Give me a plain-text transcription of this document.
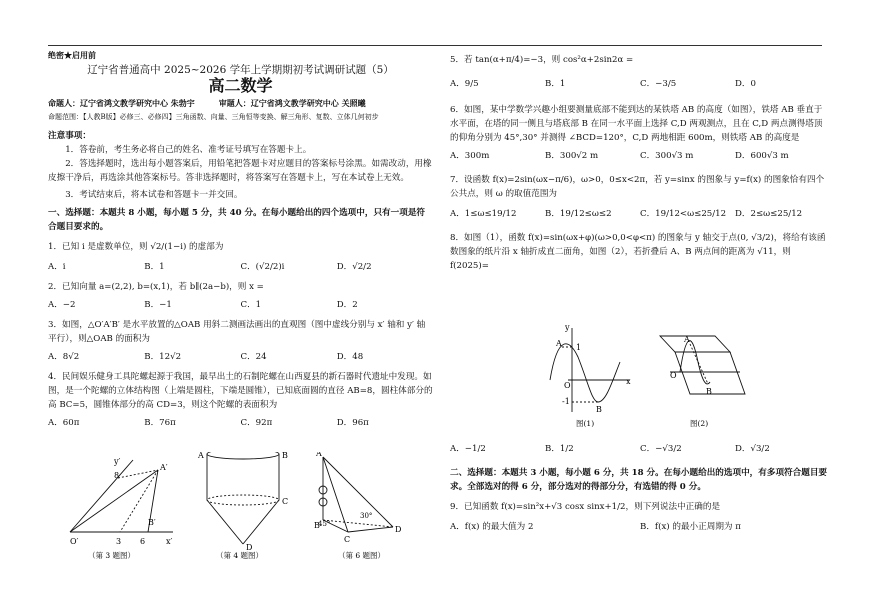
绝密★启用前
辽宁省普通高中 2025~2026 学年上学期期初考试调研试题（5）
高二数学
命题人：辽宁省鸿文教学研究中心 朱勃宇　　　审题人：辽宁省鸿文教学研究中心 关照曦
命题范围：【人教B版】必修三、必修四】三角函数、向量、三角恒等变换、解三角形、复数、立体几何初步
注意事项：
1．答卷前，考生务必将自己的姓名、准考证号填写在答题卡上。
2．答选择题时，选出每小题答案后，用铅笔把答题卡对应题目的答案标号涂黑。如需改动，用橡皮擦干净后，再选涂其他答案标号。答非选择题时，将答案写在答题卡上，写在本试卷上无效。
3．考试结束后，将本试卷和答题卡一并交回。
一、选择题：本题共 8 小题，每小题 5 分，共 40 分。在每小题给出的四个选项中，只有一项是符合题目要求的。
1．已知 i 是虚数单位，则 √2/(1−i) 的虚部为
A．i	B．1	C．(√2/2)i	D．√2/2
2．已知向量 a=(2,2), b=(x,1)，若 b∥(2a−b)，则 x =
A．−2	B．−1	C．1	D．2
3．如图，△O′A′B′ 是水平放置的△OAB 用斜二测画法画出的直观图（图中虚线分别与 x′ 轴和 y′ 轴平行），则△OAB 的面积为
A．8√2	B．12√2	C．24	D．48
4．民间娱乐健身工具陀螺起源于我国，最早出土的石制陀螺在山西夏县的新石器时代遗址中发现。如图，是一个陀螺的立体结构图（上端是圆柱，下端是圆锥），已知底面圆的直径 AB=8，圆柱体部分的高 BC=5，圆锥体部分的高 CD=3，则这个陀螺的表面积为
A．60π	B．76π	C．92π	D．96π
y′
A′
B′
O′	x′
8
3 6
（第 3 题图）
A	B
C
D
（第 4 题图）
A
B
C
D
45°
30°
（第 6 题图）
5．若 tan(α+π/4)=−3，则 cos²α+2sin2α =
A．9/5	B．1	C．−3/5	D．0
6．如图，某中学数学兴趣小组要测量底部不能到达的某铁塔 AB 的高度（如图），铁塔 AB 垂直于水平面，在塔的同一侧且与塔底部 B 在同一水平面上选择 C,D 两观测点，且在 C,D 两点测得塔顶的仰角分别为 45°,30° 并测得 ∠BCD=120°，C,D 两地相距 600m，则铁塔 AB 的高度是
A．300m	B．300√2 m	C．300√3 m	D．600√3 m
7．设函数 f(x)=2sin(ωx−π/6)，ω>0，0≤x<2π，若 y=sinx 的图象与 y=f(x) 的图象恰有四个公共点，则 ω 的取值范围为
A．1≤ω≤19/12	B．19/12≤ω≤2	C．19/12<ω≤25/12	D．2≤ω≤25/12
8．如图（1），函数 f(x)=sin(ωx+φ)(ω>0,0<φ<π) 的图象与 y 轴交于点(0, √3/2)，将给有该函数图象的纸片沿 x 轴折成直二面角，如图（2），若折叠后 A、B 两点间的距离为 √11，则 f(2025)=
y
x
O
A
B
1
-1
图(1)
A
B
O
图(2)
A．−1/2	B．1/2	C．−√3/2	D．√3/2
二、选择题：本题共 3 小题，每小题 6 分，共 18 分。在每小题给出的选项中，有多项符合题目要求。全部选对的得 6 分，部分选对的得部分分，有选错的得 0 分。
9．已知函数 f(x)=sin²x+√3 cosx sinx+1/2，则下列说法中正确的是
A．f(x) 的最大值为 2	B．f(x) 的最小正周期为 π
